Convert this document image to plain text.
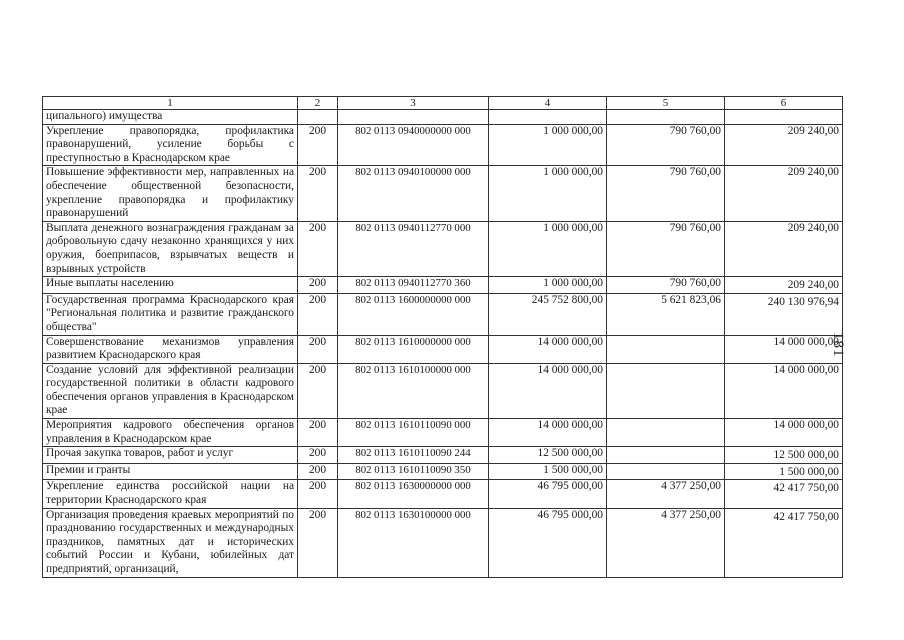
1	2	3	4	5	6
ципального) имущества					
Укрепление правопорядка, профилактика правонарушений, усиление борьбы с преступностью в Краснодарском крае	200	802 0113 0940000000 000	1 000 000,00	790 760,00	209 240,00
Повышение эффективности мер, направленных на обеспечение общественной безопасности, укрепление правопорядка и профилактику правонарушений	200	802 0113 0940100000 000	1 000 000,00	790 760,00	209 240,00
Выплата денежного вознаграждения гражданам за добровольную сдачу незаконно хранящихся у них оружия, боеприпасов, взрывчатых веществ и взрывных устройств	200	802 0113 0940112770 000	1 000 000,00	790 760,00	209 240,00
Иные выплаты населению	200	802 0113 0940112770 360	1 000 000,00	790 760,00	209 240,00
Государственная программа Краснодарского края "Региональная политика и развитие гражданского общества"	200	802 0113 1600000000 000	245 752 800,00	5 621 823,06	240 130 976,94
Совершенствование механизмов управления развитием Краснодарского края	200	802 0113 1610000000 000	14 000 000,00		14 000 000,00
Создание условий для эффективной реализации государственной политики в области кадрового обеспечения органов управления в Краснодарском крае	200	802 0113 1610100000 000	14 000 000,00		14 000 000,00
Мероприятия кадрового обеспечения органов управления в Краснодарском крае	200	802 0113 1610110090 000	14 000 000,00		14 000 000,00
Прочая закупка товаров, работ и услуг	200	802 0113 1610110090 244	12 500 000,00		12 500 000,00
Премии и гранты	200	802 0113 1610110090 350	1 500 000,00		1 500 000,00
Укрепление единства российской нации на территории Краснодарского края	200	802 0113 1630000000 000	46 795 000,00	4 377 250,00	42 417 750,00
Организация проведения краевых мероприятий по празднованию государственных и международных праздников, памятных дат и исторических событий России и Кубани, юбилейных дат предприятий, организаций,	200	802 0113 1630100000 000	46 795 000,00	4 377 250,00	42 417 750,00
181
